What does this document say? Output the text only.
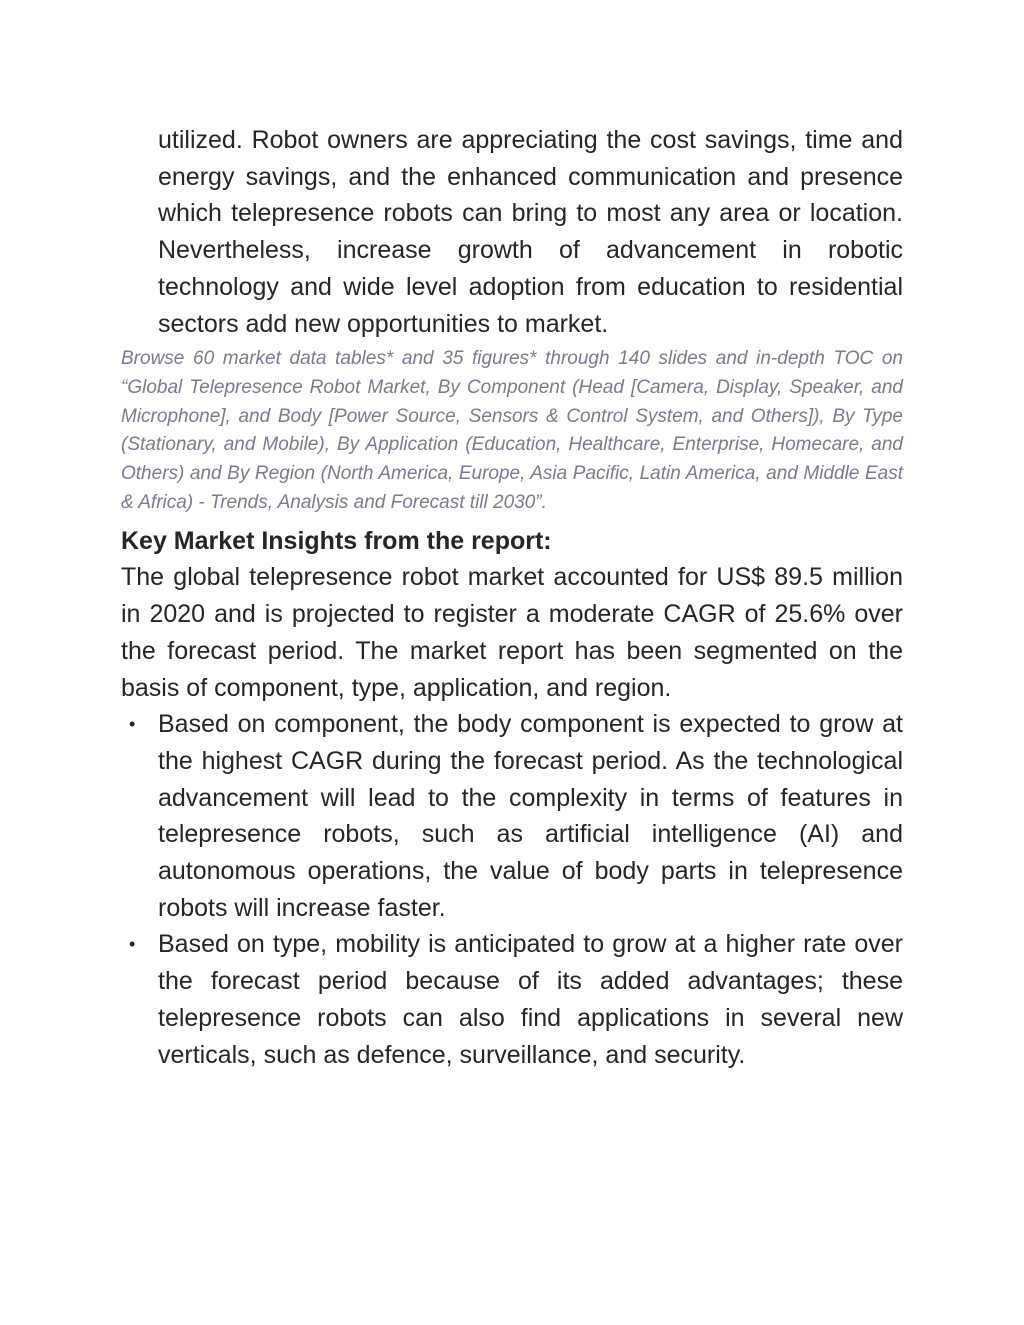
utilized. Robot owners are appreciating the cost savings, time and energy savings, and the enhanced communication and presence which telepresence robots can bring to most any area or location. Nevertheless, increase growth of advancement in robotic technology and wide level adoption from education to residential sectors add new opportunities to market.

Browse 60 market data tables* and 35 figures* through 140 slides and in-depth TOC on “Global Telepresence Robot Market, By Component (Head [Camera, Display, Speaker, and Microphone], and Body [Power Source, Sensors & Control System, and Others]), By Type (Stationary, and Mobile), By Application (Education, Healthcare, Enterprise, Homecare, and Others) and By Region (North America, Europe, Asia Pacific, Latin America, and Middle East & Africa) - Trends, Analysis and Forecast till 2030”.

Key Market Insights from the report:

The global telepresence robot market accounted for US$ 89.5 million in 2020 and is projected to register a moderate CAGR of 25.6% over the forecast period. The market report has been segmented on the basis of component, type, application, and region.

• Based on component, the body component is expected to grow at the highest CAGR during the forecast period. As the technological advancement will lead to the complexity in terms of features in telepresence robots, such as artificial intelligence (AI) and autonomous operations, the value of body parts in telepresence robots will increase faster.
• Based on type, mobility is anticipated to grow at a higher rate over the forecast period because of its added advantages; these telepresence robots can also find applications in several new verticals, such as defence, surveillance, and security.
